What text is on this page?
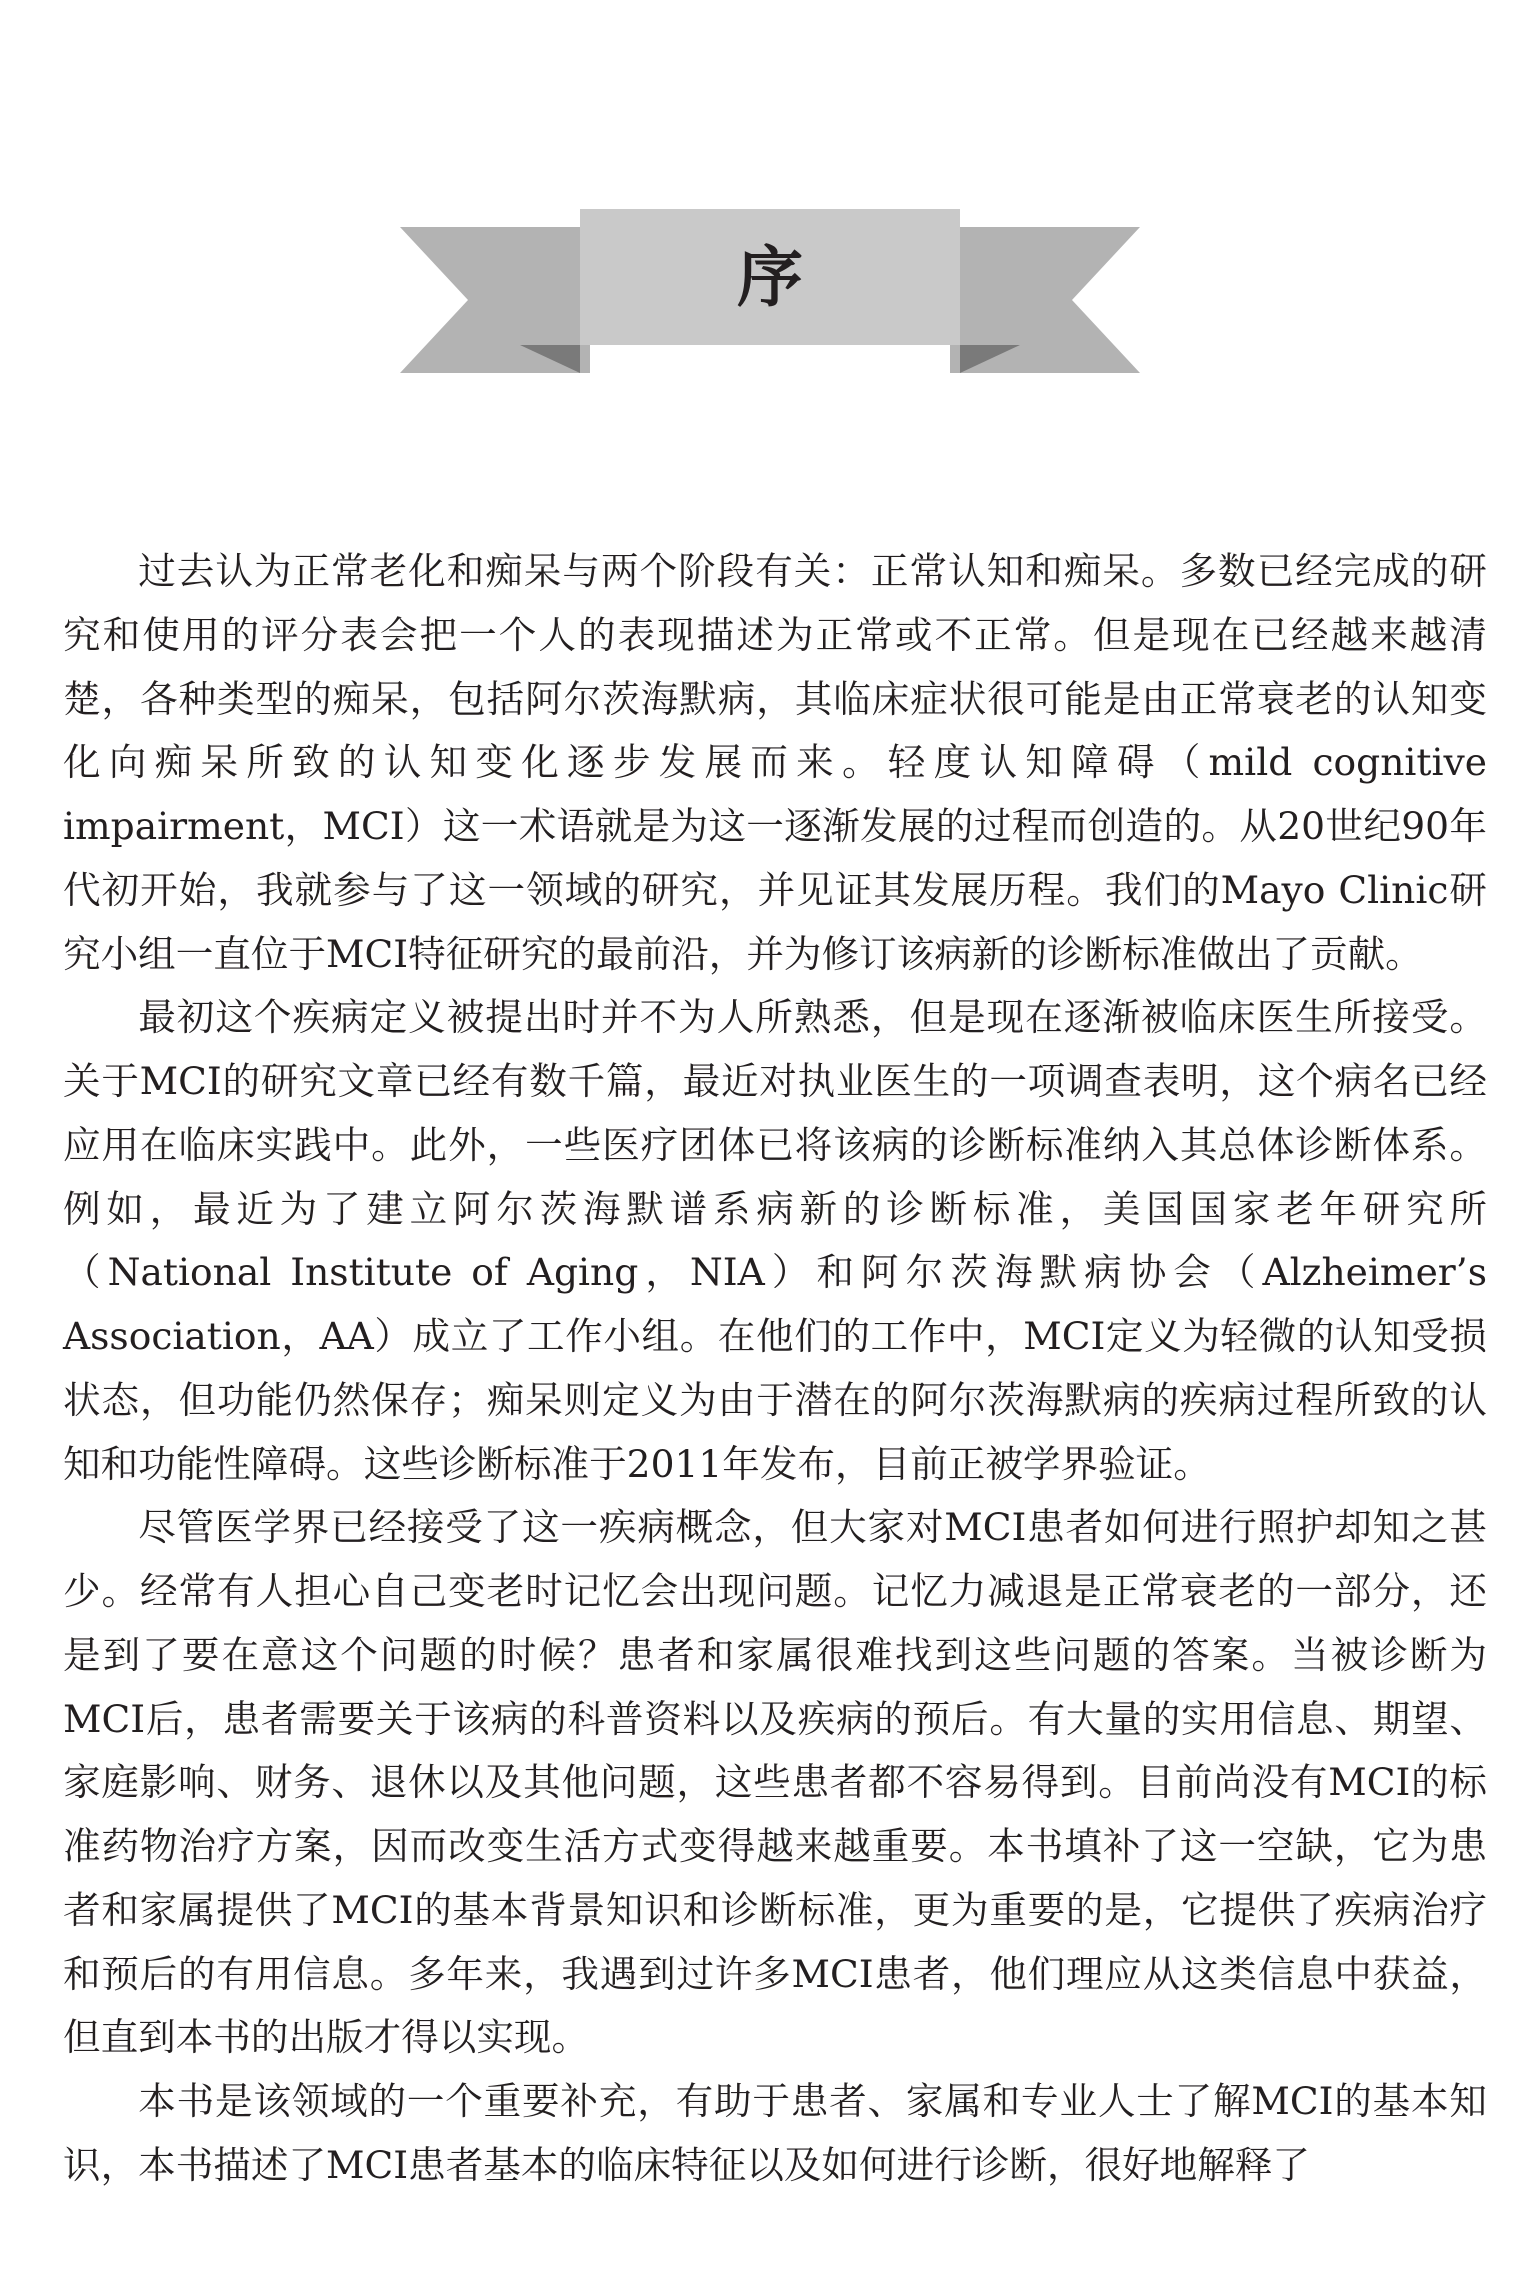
序

过去认为正常老化和痴呆与两个阶段有关：正常认知和痴呆。多数已经完成的研究和使用的评分表会把一个人的表现描述为正常或不正常。但是现在已经越来越清楚，各种类型的痴呆，包括阿尔茨海默病，其临床症状很可能是由正常衰老的认知变化向痴呆所致的认知变化逐步发展而来。轻度认知障碍（mild cognitive impairment，MCI）这一术语就是为这一逐渐发展的过程而创造的。从20世纪90年代初开始，我就参与了这一领域的研究，并见证其发展历程。我们的Mayo Clinic研究小组一直位于MCI特征研究的最前沿，并为修订该病新的诊断标准做出了贡献。

最初这个疾病定义被提出时并不为人所熟悉，但是现在逐渐被临床医生所接受。关于MCI的研究文章已经有数千篇，最近对执业医生的一项调查表明，这个病名已经应用在临床实践中。此外，一些医疗团体已将该病的诊断标准纳入其总体诊断体系。例如，最近为了建立阿尔茨海默谱系病新的诊断标准，美国国家老年研究所（National Institute of Aging，NIA）和阿尔茨海默病协会（Alzheimer’s Association，AA）成立了工作小组。在他们的工作中，MCI定义为轻微的认知受损状态，但功能仍然保存；痴呆则定义为由于潜在的阿尔茨海默病的疾病过程所致的认知和功能性障碍。这些诊断标准于2011年发布，目前正被学界验证。

尽管医学界已经接受了这一疾病概念，但大家对MCI患者如何进行照护却知之甚少。经常有人担心自己变老时记忆会出现问题。记忆力减退是正常衰老的一部分，还是到了要在意这个问题的时候？患者和家属很难找到这些问题的答案。当被诊断为MCI后，患者需要关于该病的科普资料以及疾病的预后。有大量的实用信息、期望、家庭影响、财务、退休以及其他问题，这些患者都不容易得到。目前尚没有MCI的标准药物治疗方案，因而改变生活方式变得越来越重要。本书填补了这一空缺，它为患者和家属提供了MCI的基本背景知识和诊断标准，更为重要的是，它提供了疾病治疗和预后的有用信息。多年来，我遇到过许多MCI患者，他们理应从这类信息中获益，但直到本书的出版才得以实现。

本书是该领域的一个重要补充，有助于患者、家属和专业人士了解MCI的基本知识，本书描述了MCI患者基本的临床特征以及如何进行诊断，很好地解释了
